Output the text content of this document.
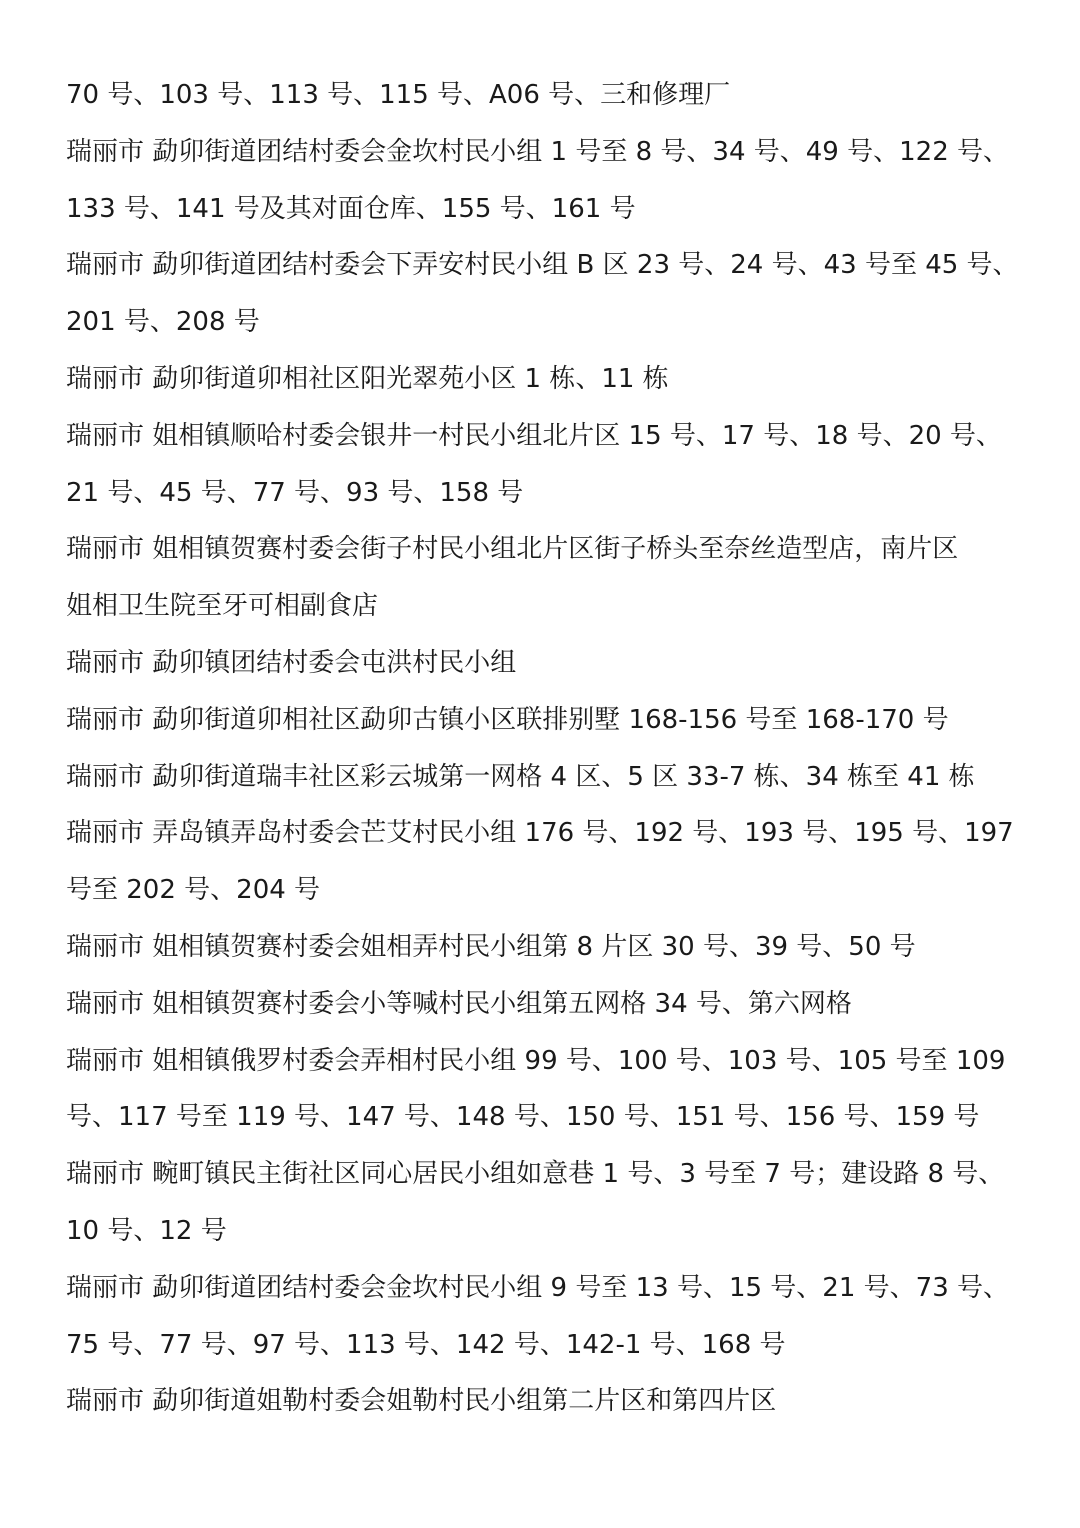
70 号、103 号、113 号、115 号、A06 号、三和修理厂
瑞丽市 勐卯街道团结村委会金坎村民小组 1 号至 8 号、34 号、49 号、122 号、
133 号、141 号及其对面仓库、155 号、161 号
瑞丽市 勐卯街道团结村委会下弄安村民小组 B 区 23 号、24 号、43 号至 45 号、
201 号、208 号
瑞丽市 勐卯街道卯相社区阳光翠苑小区 1 栋、11 栋
瑞丽市 姐相镇顺哈村委会银井一村民小组北片区 15 号、17 号、18 号、20 号、
21 号、45 号、77 号、93 号、158 号
瑞丽市 姐相镇贺赛村委会街子村民小组北片区街子桥头至奈丝造型店，南片区
姐相卫生院至牙可相副食店
瑞丽市 勐卯镇团结村委会屯洪村民小组
瑞丽市 勐卯街道卯相社区勐卯古镇小区联排别墅 168-156 号至 168-170 号
瑞丽市 勐卯街道瑞丰社区彩云城第一网格 4 区、5 区 33-7 栋、34 栋至 41 栋
瑞丽市 弄岛镇弄岛村委会芒艾村民小组 176 号、192 号、193 号、195 号、197
号至 202 号、204 号
瑞丽市 姐相镇贺赛村委会姐相弄村民小组第 8 片区 30 号、39 号、50 号
瑞丽市 姐相镇贺赛村委会小等喊村民小组第五网格 34 号、第六网格
瑞丽市 姐相镇俄罗村委会弄相村民小组 99 号、100 号、103 号、105 号至 109
号、117 号至 119 号、147 号、148 号、150 号、151 号、156 号、159 号
瑞丽市 畹町镇民主街社区同心居民小组如意巷 1 号、3 号至 7 号；建设路 8 号、
10 号、12 号
瑞丽市 勐卯街道团结村委会金坎村民小组 9 号至 13 号、15 号、21 号、73 号、
75 号、77 号、97 号、113 号、142 号、142-1 号、168 号
瑞丽市 勐卯街道姐勒村委会姐勒村民小组第二片区和第四片区
